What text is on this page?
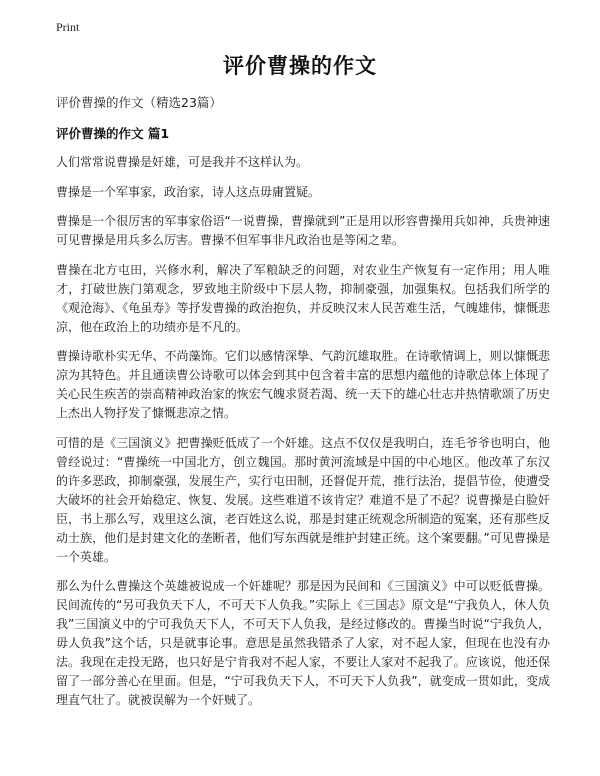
Print
评价曹操的作文
评价曹操的作文（精选23篇）
评价曹操的作文 篇1

人们常常说曹操是奸雄，可是我并不这样认为。

曹操是一个军事家，政治家，诗人这点毋庸置疑。

曹操是一个很厉害的军事家俗语“一说曹操，曹操就到”正是用以形容曹操用兵如神，兵贵神速可见曹操是用兵多么厉害。曹操不但军事非凡政治也是等闲之辈。

曹操在北方屯田，兴修水利，解决了军粮缺乏的问题，对农业生产恢复有一定作用；用人唯才，打破世族门第观念，罗致地主阶级中下层人物，抑制豪强，加强集权。包括我们所学的《观沧海》、《龟虽寿》等抒发曹操的政治抱负，并反映汉末人民苦难生活，气魄雄伟，慷慨悲凉，他在政治上的功绩亦是不凡的。

曹操诗歌朴实无华、不尚藻饰。它们以感情深挚、气韵沉雄取胜。在诗歌情调上，则以慷慨悲凉为其特色。并且通读曹公诗歌可以体会到其中包含着丰富的思想内蕴他的诗歌总体上体现了关心民生疾苦的崇高精神政治家的恢宏气魄求贤若渴、统一天下的雄心壮志并热情歌颂了历史上杰出人物抒发了慷慨悲凉之情。

可惜的是《三国演义》把曹操贬低成了一个奸雄。这点不仅仅是我明白，连毛爷爷也明白，他曾经说过：“曹操统一中国北方，创立魏国。那时黄河流域是中国的中心地区。他改革了东汉的许多恶政，抑制豪强，发展生产，实行屯田制，还督促开荒，推行法治，提倡节俭，使遭受大破坏的社会开始稳定、恢复、发展。这些难道不该肯定？难道不是了不起？说曹操是白脸奸臣，书上那么写，戏里这么演，老百姓这么说，那是封建正统观念所制造的冤案，还有那些反动士族，他们是封建文化的垄断者，他们写东西就是维护封建正统。这个案要翻。”可见曹操是一个英雄。

那么为什么曹操这个英雄被说成一个奸雄呢？那是因为民间和《三国演义》中可以贬低曹操。民间流传的“另可我负天下人，不可天下人负我。”实际上《三国志》原文是“宁我负人，休人负我”三国演义中的宁可我负天下人，不可天下人负我，是经过修改的。曹操当时说“宁我负人，毋人负我”这个话，只是就事论事。意思是虽然我错杀了人家，对不起人家，但现在也没有办法。我现在走投无路，也只好是宁肯我对不起人家，不要让人家对不起我了。应该说，他还保留了一部分善心在里面。但是，“宁可我负天下人，不可天下人负我”，就变成一贯如此，变成理直气壮了。就被误解为一个奸贼了。
